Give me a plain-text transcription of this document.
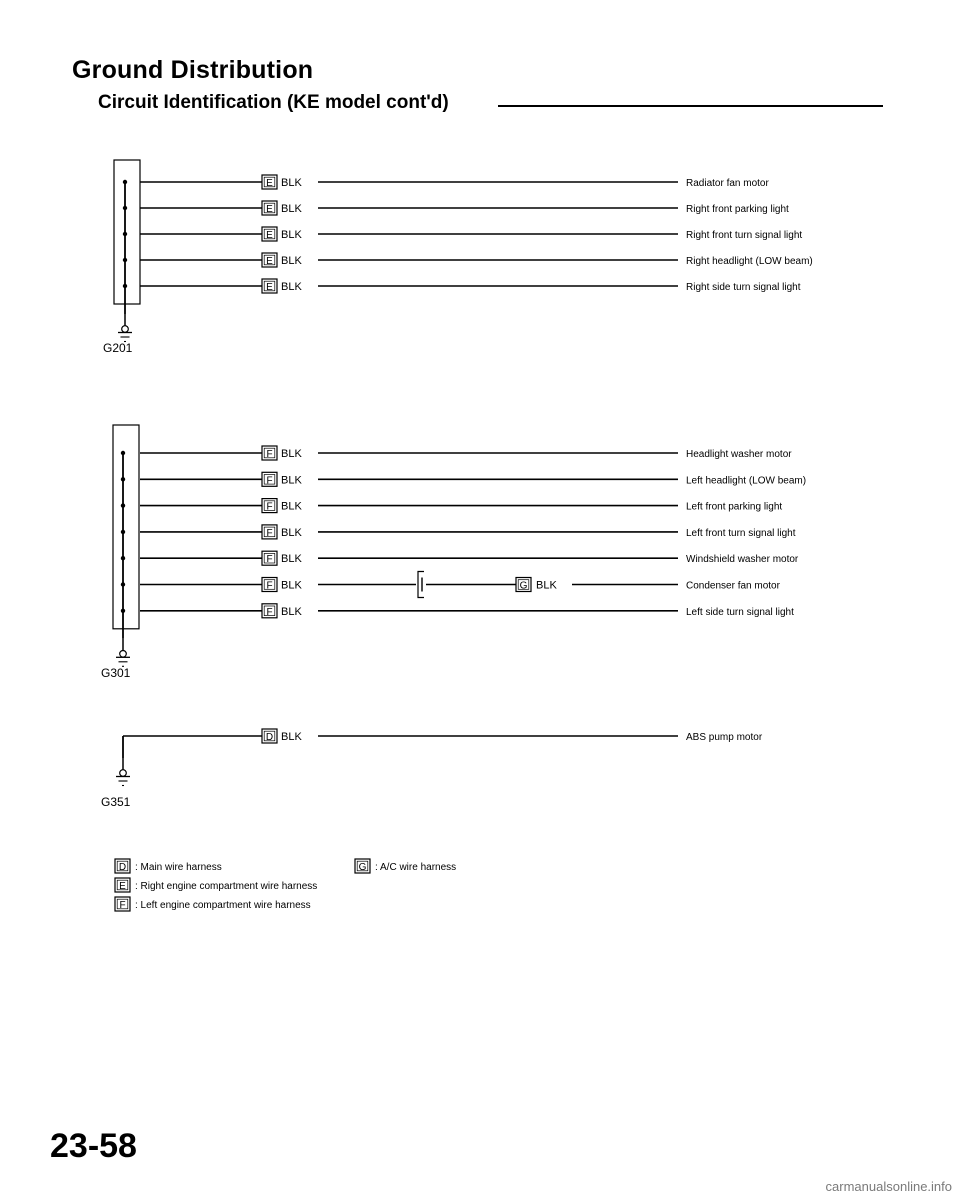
Ground Distribution
Circuit Identification (KE model cont'd)
E BLK	Radiator fan motor
E BLK	Right front parking light
E BLK	Right front turn signal light
E BLK	Right headlight (LOW beam)
E BLK	Right side turn signal light
G201
F BLK	Headlight washer motor
F BLK	Left headlight (LOW beam)
F BLK	Left front parking light
F BLK	Left front turn signal light
F BLK	Windshield washer motor
F BLK	G BLK	Condenser fan motor
F BLK	Left side turn signal light
G301
D BLK	ABS pump motor
G351
D : Main wire harness
E : Right engine compartment wire harness
F : Left engine compartment wire harness
G : A/C wire harness
23-58
carmanualsonline.info
